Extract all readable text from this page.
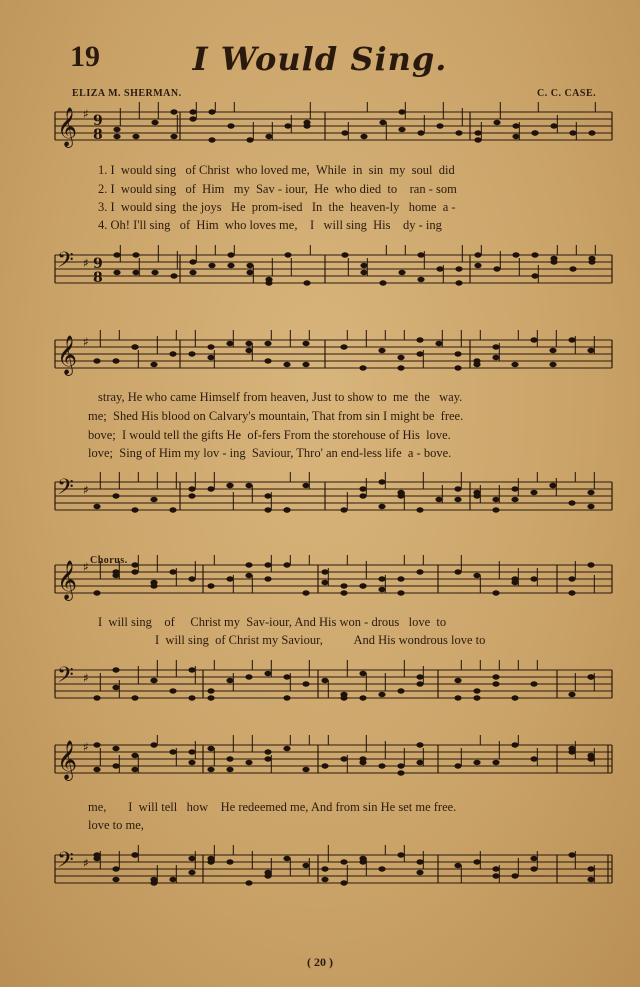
19	I Would Sing.
ELIZA M. SHERMAN.	C. C. CASE.
𝄞 ♯ 9
8
𝄢 ♯ 9
8
𝄞 ♯
𝄢 ♯
𝄞 ♯
𝄢 ♯
𝄞 ♯
𝄢 ♯
1. I  would sing   of Christ  who loved me,  While  in  sin  my  soul  did
2. I  would sing   of  Him   my  Sav - iour,  He  who died  to    ran - som
3. I  would sing  the joys   He  prom-ised   In  the  heaven-ly   home  a -
4. Oh! I'll sing   of  Him  who loves me,    I   will sing  His    dy - ing
stray, He who came Himself from heaven, Just to show to  me  the   way.
me;  Shed His blood on Calvary's mountain, That from sin I might be  free.
bove;  I would tell the gifts He  of-fers From the storehouse of His  love.
love;  Sing of Him my lov - ing  Saviour, Thro' an end-less life  a - bove.
Chorus.
I  will sing    of     Christ my  Sav-iour, And His won - drous   love  to
I  will sing  of Christ my Saviour,          And His wondrous love to
me,       I  will tell   how    He redeemed me, And from sin He set me free.
love to me,
( 20 )
